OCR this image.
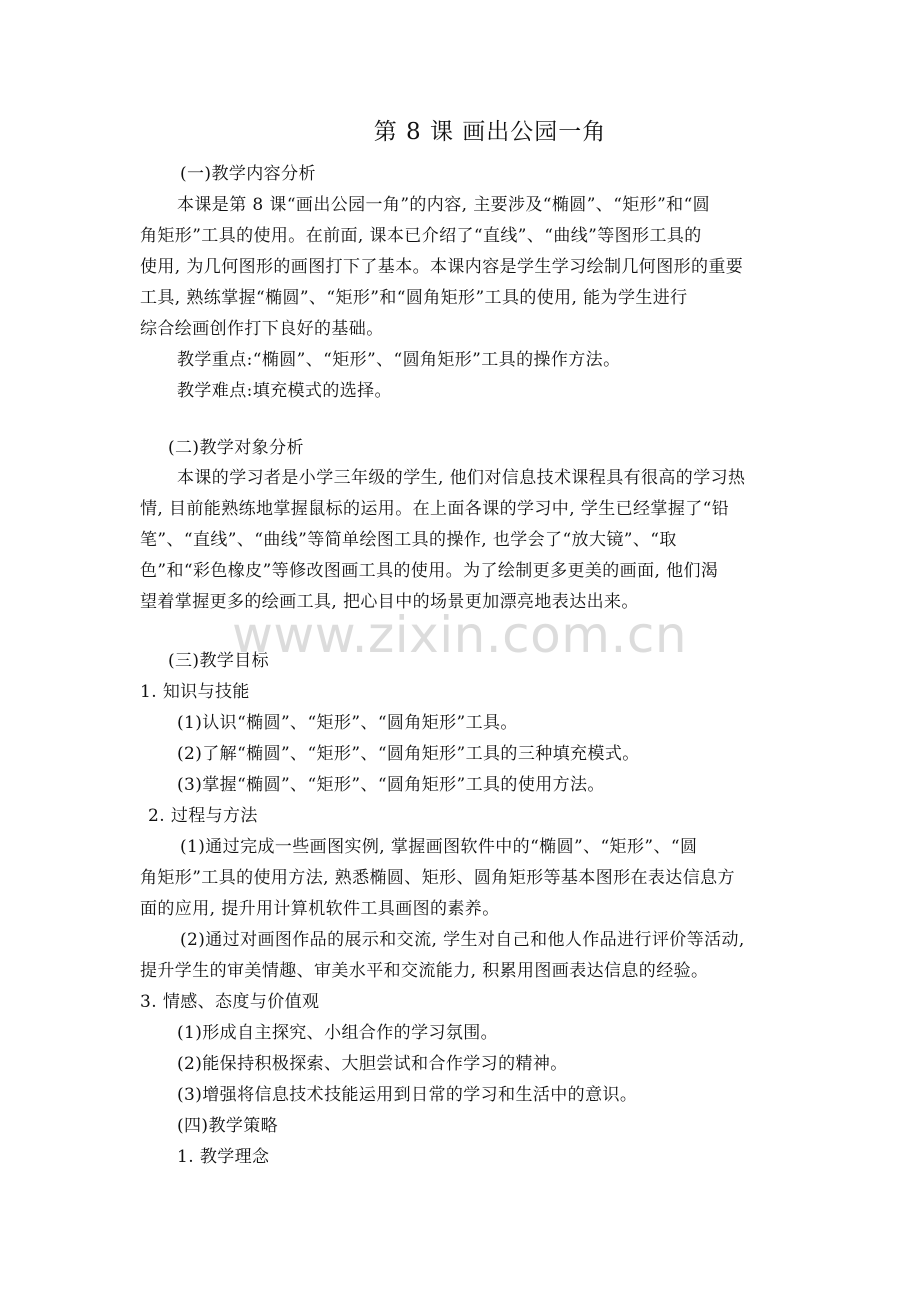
第 8 课 画出公园一角
(一)教学内容分析
本课是第 8 课“画出公园一角”的内容, 主要涉及“椭圆”、“矩形”和“圆
角矩形”工具的使用。在前面, 课本已介绍了“直线”、“曲线”等图形工具的
使用, 为几何图形的画图打下了基本。本课内容是学生学习绘制几何图形的重要
工具, 熟练掌握“椭圆”、“矩形”和“圆角矩形”工具的使用, 能为学生进行
综合绘画创作打下良好的基础。
教学重点:“椭圆”、“矩形”、“圆角矩形”工具的操作方法。
教学难点:填充模式的选择。
(二)教学对象分析
本课的学习者是小学三年级的学生, 他们对信息技术课程具有很高的学习热
情, 目前能熟练地掌握鼠标的运用。在上面各课的学习中, 学生已经掌握了“铅
笔”、“直线”、“曲线”等简单绘图工具的操作, 也学会了“放大镜”、“取
色”和“彩色橡皮”等修改图画工具的使用。为了绘制更多更美的画面, 他们渴
望着掌握更多的绘画工具, 把心目中的场景更加漂亮地表达出来。
www.zixin.com.cn
(三)教学目标
1. 知识与技能
(1)认识“椭圆”、“矩形”、“圆角矩形”工具。
(2)了解“椭圆”、“矩形”、“圆角矩形”工具的三种填充模式。
(3)掌握“椭圆”、“矩形”、“圆角矩形”工具的使用方法。
2. 过程与方法
(1)通过完成一些画图实例, 掌握画图软件中的“椭圆”、“矩形”、“圆
角矩形”工具的使用方法, 熟悉椭圆、矩形、圆角矩形等基本图形在表达信息方
面的应用, 提升用计算机软件工具画图的素养。
(2)通过对画图作品的展示和交流, 学生对自己和他人作品进行评价等活动,
提升学生的审美情趣、审美水平和交流能力, 积累用图画表达信息的经验。
3. 情感、态度与价值观
(1)形成自主探究、小组合作的学习氛围。
(2)能保持积极探索、大胆尝试和合作学习的精神。
(3)增强将信息技术技能运用到日常的学习和生活中的意识。
(四)教学策略
1. 教学理念
